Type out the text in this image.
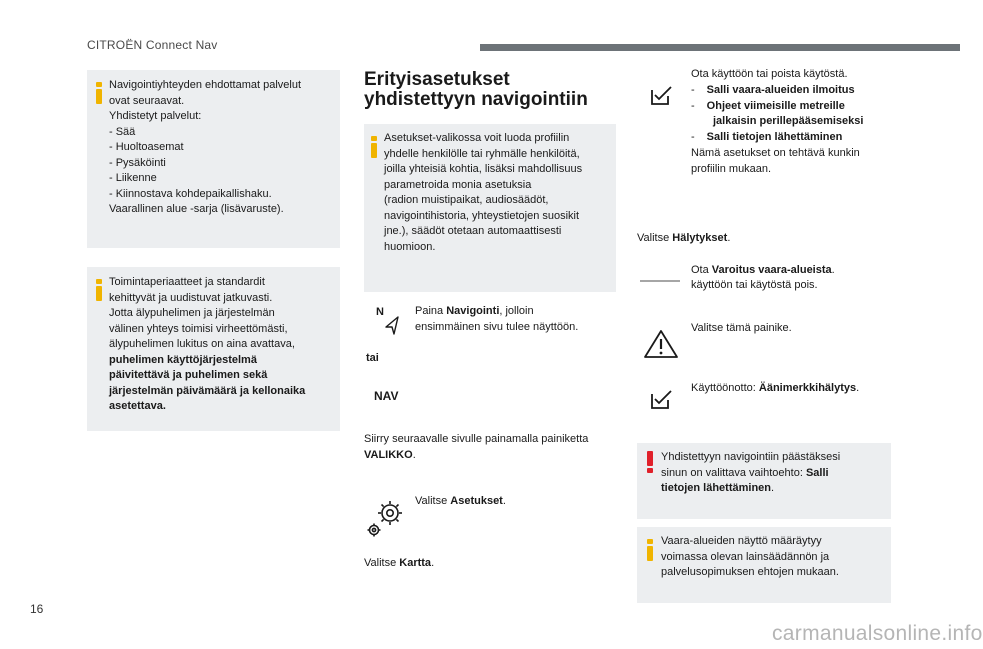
CITROËN Connect Nav
Navigointiyhteyden ehdottamat palvelut
ovat seuraavat.
Yhdistetyt palvelut:
- Sää
- Huoltoasemat
- Pysäköinti
- Liikenne
- Kiinnostava kohdepaikallishaku.
Vaarallinen alue -sarja (lisävaruste).
Toimintaperiaatteet ja standardit
kehittyvät ja uudistuvat jatkuvasti.
Jotta älypuhelimen ja järjestelmän
välinen yhteys toimisi virheettömästi,
älypuhelimen lukitus on aina avattava,
puhelimen käyttöjärjestelmä
päivitettävä ja puhelimen sekä
järjestelmän päivämäärä ja kellonaika
asetettava.
Erityisasetukset
yhdistettyyn navigointiin
Asetukset-valikossa voit luoda profiilin
yhdelle henkilölle tai ryhmälle henkilöitä,
joilla yhteisiä kohtia, lisäksi mahdollisuus
parametroida monia asetuksia
(radion muistipaikat, audiosäädöt,
navigointihistoria, yhteystietojen suosikit
jne.), säädöt otetaan automaattisesti
huomioon.
N	Paina Navigointi, jolloin
ensimmäinen sivu tulee näyttöön.
tai
NAV
Siirry seuraavalle sivulle painamalla painiketta
VALIKKO.
Valitse Asetukset.
Valitse Kartta.
Ota käyttöön tai poista käytöstä.
- Salli vaara-alueiden ilmoitus
- Ohjeet viimeisille metreille
jalkaisin perillepääsemiseksi
- Salli tietojen lähettäminen
Nämä asetukset on tehtävä kunkin
profiilin mukaan.
Valitse Hälytykset.
Ota Varoitus vaara-alueista.
käyttöön tai käytöstä pois.
Valitse tämä painike.
Käyttöönotto: Äänimerkkihälytys.
Yhdistettyyn navigointiin päästäksesi
sinun on valittava vaihtoehto: Salli
tietojen lähettäminen.
Vaara-alueiden näyttö määräytyy
voimassa olevan lainsäädännön ja
palvelusopimuksen ehtojen mukaan.
16
carmanualsonline.info
